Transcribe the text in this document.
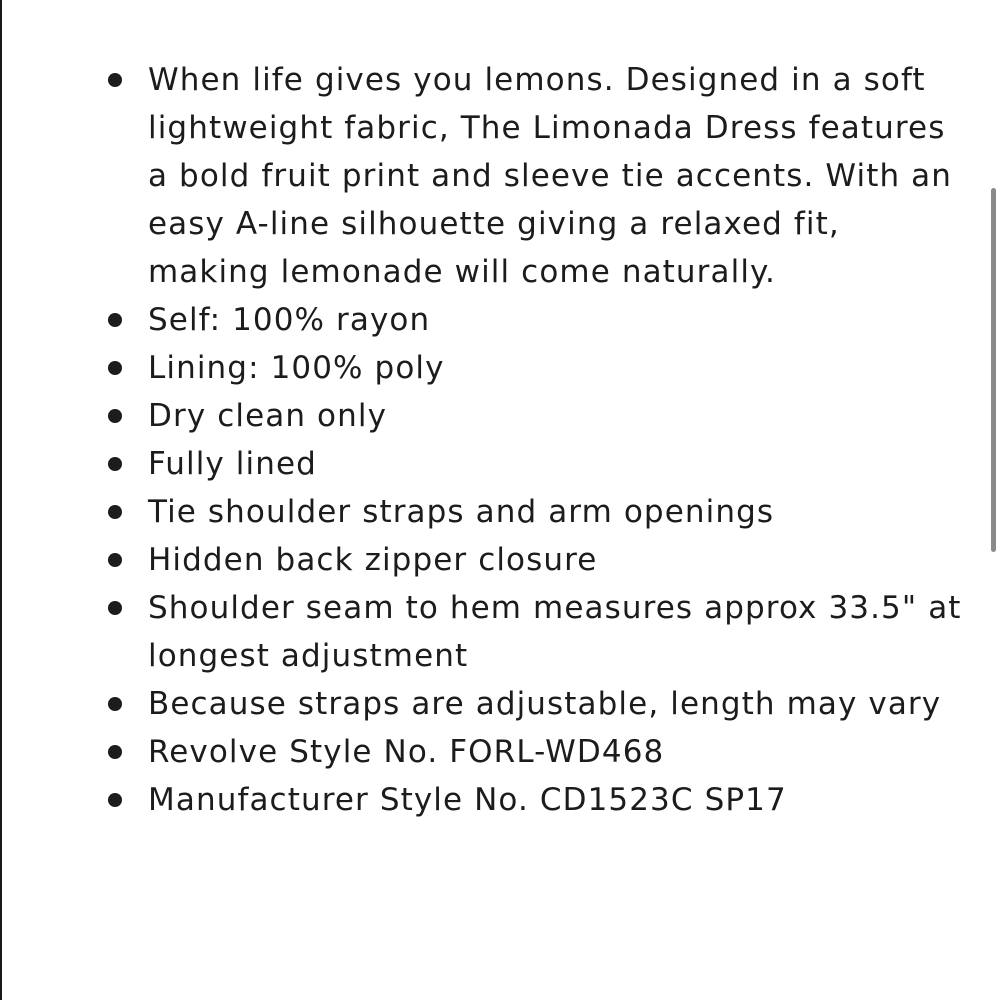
When life gives you lemons. Designed in a soft lightweight fabric, The Limonada Dress features a bold fruit print and sleeve tie accents. With an easy A-line silhouette giving a relaxed fit, making lemonade will come naturally.
Self: 100% rayon
Lining: 100% poly
Dry clean only
Fully lined
Tie shoulder straps and arm openings
Hidden back zipper closure
Shoulder seam to hem measures approx 33.5" at longest adjustment
Because straps are adjustable, length may vary
Revolve Style No. FORL-WD468
Manufacturer Style No. CD1523C SP17
